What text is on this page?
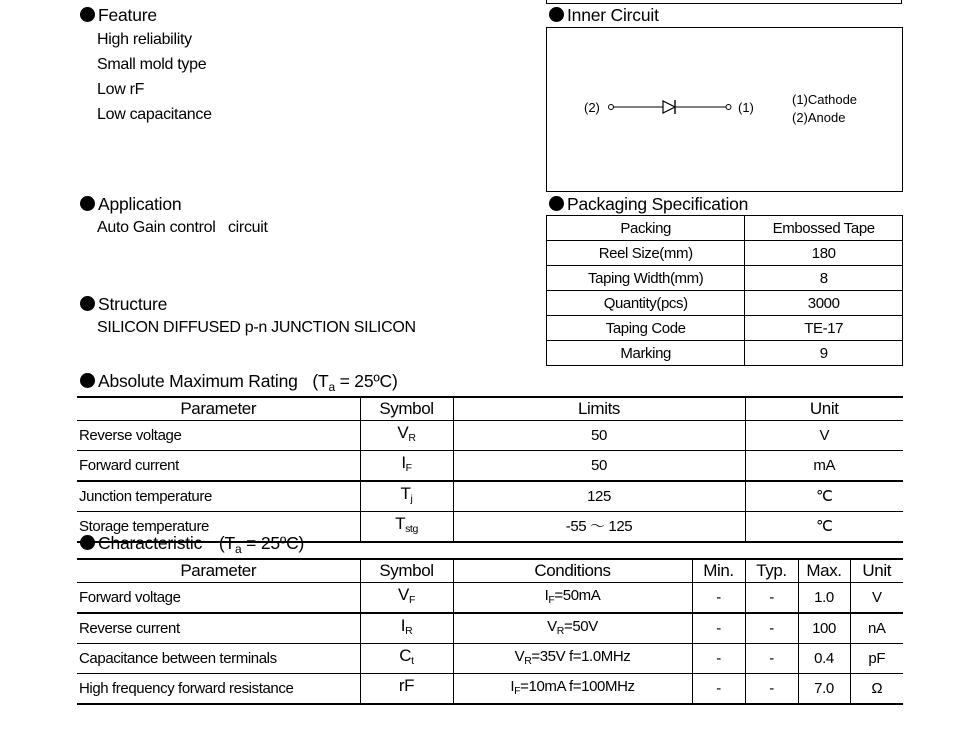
Feature
High reliability
Small mold type
Low rF
Low capacitance
Inner Circuit
(2)	(1)
(1)Cathode
(2)Anode
Application
Auto Gain control   circuit
Structure
SILICON DIFFUSED p-n JUNCTION SILICON
Packaging Specification
Packing	Embossed Tape
Reel Size(mm)	180
Taping Width(mm)	8
Quantity(pcs)	3000
Taping Code	TE-17
Marking	9
Absolute Maximum Rating ($T_a$ = 25ºC)
Parameter	Symbol	Limits	Unit
Reverse voltage	VR	50	V
Forward current	IF	50	mA
Junction temperature	Tj	125	℃
Storage temperature	Tstg	-55 ～ 125	℃
Characteristic ($T_a$ = 25ºC)
Parameter	Symbol	Conditions	Min.	Typ.	Max.	Unit
Forward voltage	VF	$I_F=50mA$	-	-	1.0	V
Reverse current	IR	$V_R=50V$	-	-	100	nA
Capacitance between terminals	Ct	$V_R=35V$ f=1.0MHz	-	-	0.4	pF
High frequency forward resistance	rF	$I_F=10mA$ f=100MHz	-	-	7.0	Ω
